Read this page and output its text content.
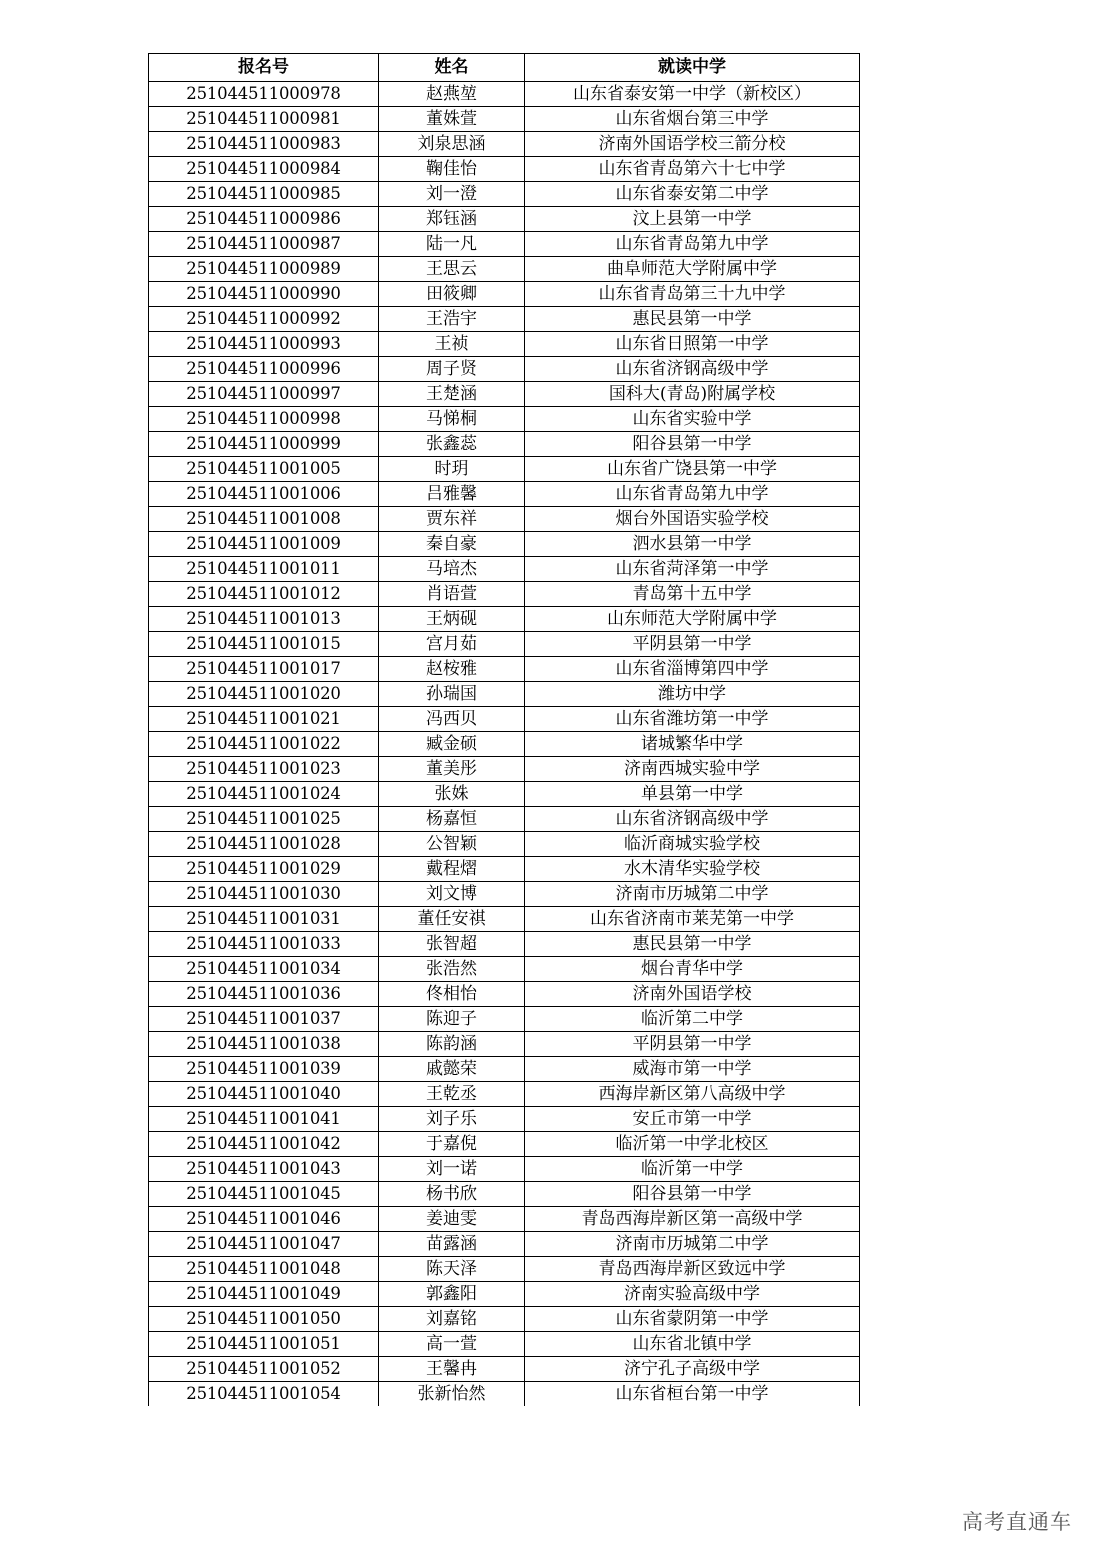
报名号	姓名	就读中学
251044511000978	赵燕堃	山东省泰安第一中学（新校区）
251044511000981	董姝萱	山东省烟台第三中学
251044511000983	刘泉思涵	济南外国语学校三箭分校
251044511000984	鞠佳怡	山东省青岛第六十七中学
251044511000985	刘一澄	山东省泰安第二中学
251044511000986	郑钰涵	汶上县第一中学
251044511000987	陆一凡	山东省青岛第九中学
251044511000989	王思云	曲阜师范大学附属中学
251044511000990	田筱卿	山东省青岛第三十九中学
251044511000992	王浩宇	惠民县第一中学
251044511000993	王祯	山东省日照第一中学
251044511000996	周子贤	山东省济钢高级中学
251044511000997	王楚涵	国科大(青岛)附属学校
251044511000998	马悌桐	山东省实验中学
251044511000999	张鑫蕊	阳谷县第一中学
251044511001005	时玥	山东省广饶县第一中学
251044511001006	吕雅馨	山东省青岛第九中学
251044511001008	贾东祥	烟台外国语实验学校
251044511001009	秦自豪	泗水县第一中学
251044511001011	马培杰	山东省菏泽第一中学
251044511001012	肖语萱	青岛第十五中学
251044511001013	王炳砚	山东师范大学附属中学
251044511001015	宫月茹	平阴县第一中学
251044511001017	赵桉雅	山东省淄博第四中学
251044511001020	孙瑞国	潍坊中学
251044511001021	冯西贝	山东省潍坊第一中学
251044511001022	臧金硕	诸城繁华中学
251044511001023	董美彤	济南西城实验中学
251044511001024	张姝	单县第一中学
251044511001025	杨嘉恒	山东省济钢高级中学
251044511001028	公智颖	临沂商城实验学校
251044511001029	戴程熠	水木清华实验学校
251044511001030	刘文博	济南市历城第二中学
251044511001031	董任安祺	山东省济南市莱芜第一中学
251044511001033	张智超	惠民县第一中学
251044511001034	张浩然	烟台青华中学
251044511001036	佟相怡	济南外国语学校
251044511001037	陈迎子	临沂第二中学
251044511001038	陈韵涵	平阴县第一中学
251044511001039	戚懿荣	威海市第一中学
251044511001040	王乾丞	西海岸新区第八高级中学
251044511001041	刘子乐	安丘市第一中学
251044511001042	于嘉倪	临沂第一中学北校区
251044511001043	刘一诺	临沂第一中学
251044511001045	杨书欣	阳谷县第一中学
251044511001046	姜迪雯	青岛西海岸新区第一高级中学
251044511001047	苗露涵	济南市历城第二中学
251044511001048	陈天泽	青岛西海岸新区致远中学
251044511001049	郭鑫阳	济南实验高级中学
251044511001050	刘嘉铭	山东省蒙阴第一中学
251044511001051	高一萱	山东省北镇中学
251044511001052	王馨冉	济宁孔子高级中学
251044511001054	张新怡然	山东省桓台第一中学
高考直通车
